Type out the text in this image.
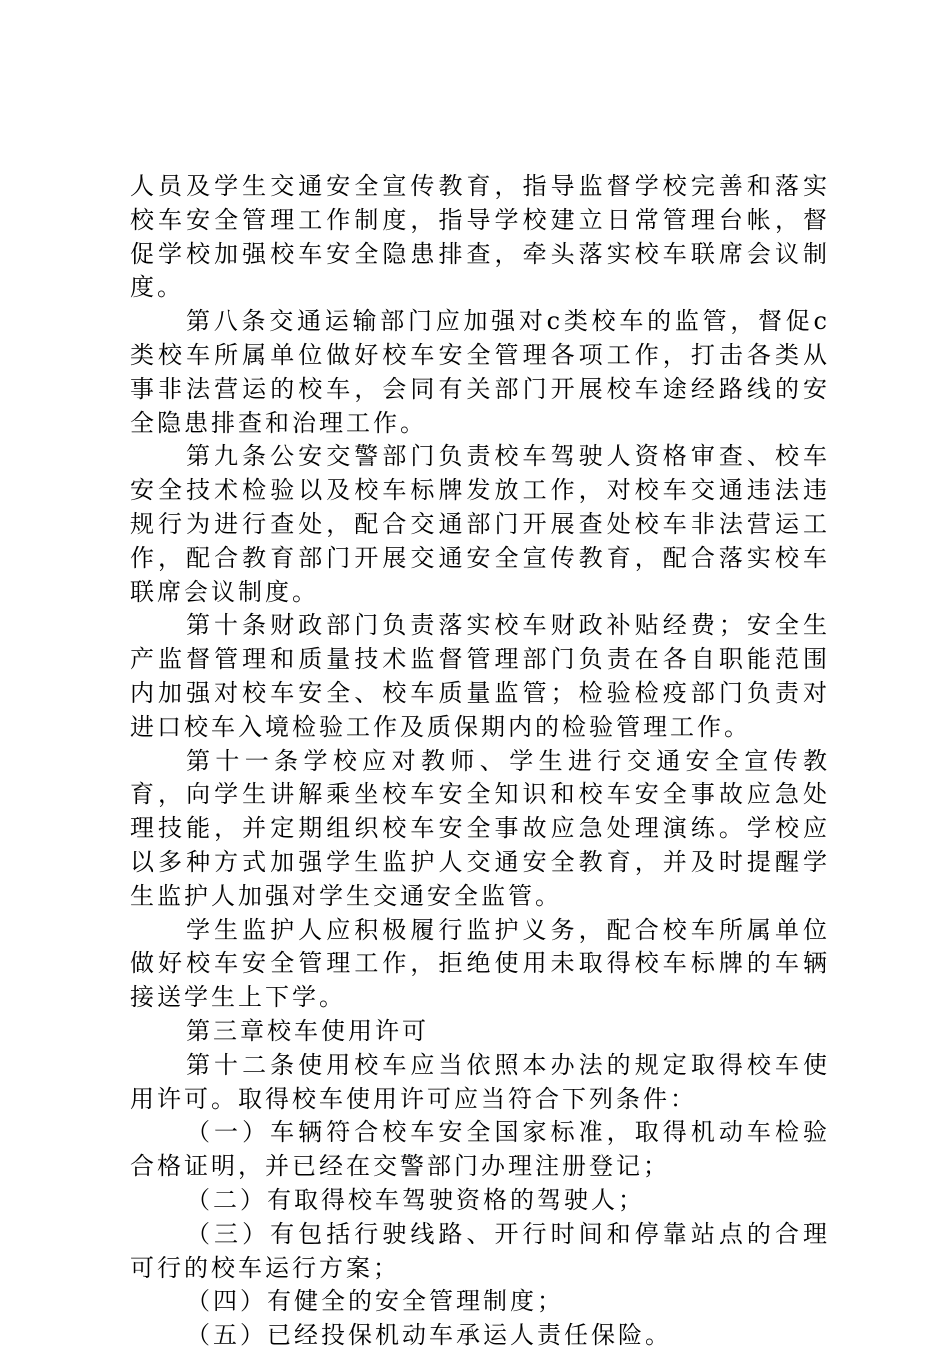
人员及学生交通安全宣传教育，指导监督学校完善和落实校车安全管理工作制度，指导学校建立日常管理台帐，督促学校加强校车安全隐患排查，牵头落实校车联席会议制度。

第八条交通运输部门应加强对c类校车的监管，督促c类校车所属单位做好校车安全管理各项工作，打击各类从事非法营运的校车，会同有关部门开展校车途经路线的安全隐患排查和治理工作。

第九条公安交警部门负责校车驾驶人资格审查、校车安全技术检验以及校车标牌发放工作，对校车交通违法违规行为进行查处，配合交通部门开展查处校车非法营运工作，配合教育部门开展交通安全宣传教育，配合落实校车联席会议制度。

第十条财政部门负责落实校车财政补贴经费；安全生产监督管理和质量技术监督管理部门负责在各自职能范围内加强对校车安全、校车质量监管；检验检疫部门负责对进口校车入境检验工作及质保期内的检验管理工作。

第十一条学校应对教师、学生进行交通安全宣传教育，向学生讲解乘坐校车安全知识和校车安全事故应急处理技能，并定期组织校车安全事故应急处理演练。学校应以多种方式加强学生监护人交通安全教育，并及时提醒学生监护人加强对学生交通安全监管。

学生监护人应积极履行监护义务，配合校车所属单位做好校车安全管理工作，拒绝使用未取得校车标牌的车辆接送学生上下学。

第三章校车使用许可

第十二条使用校车应当依照本办法的规定取得校车使用许可。取得校车使用许可应当符合下列条件：

（一）车辆符合校车安全国家标准，取得机动车检验合格证明，并已经在交警部门办理注册登记；

（二）有取得校车驾驶资格的驾驶人；

（三）有包括行驶线路、开行时间和停靠站点的合理可行的校车运行方案；

（四）有健全的安全管理制度；

（五）已经投保机动车承运人责任保险。
